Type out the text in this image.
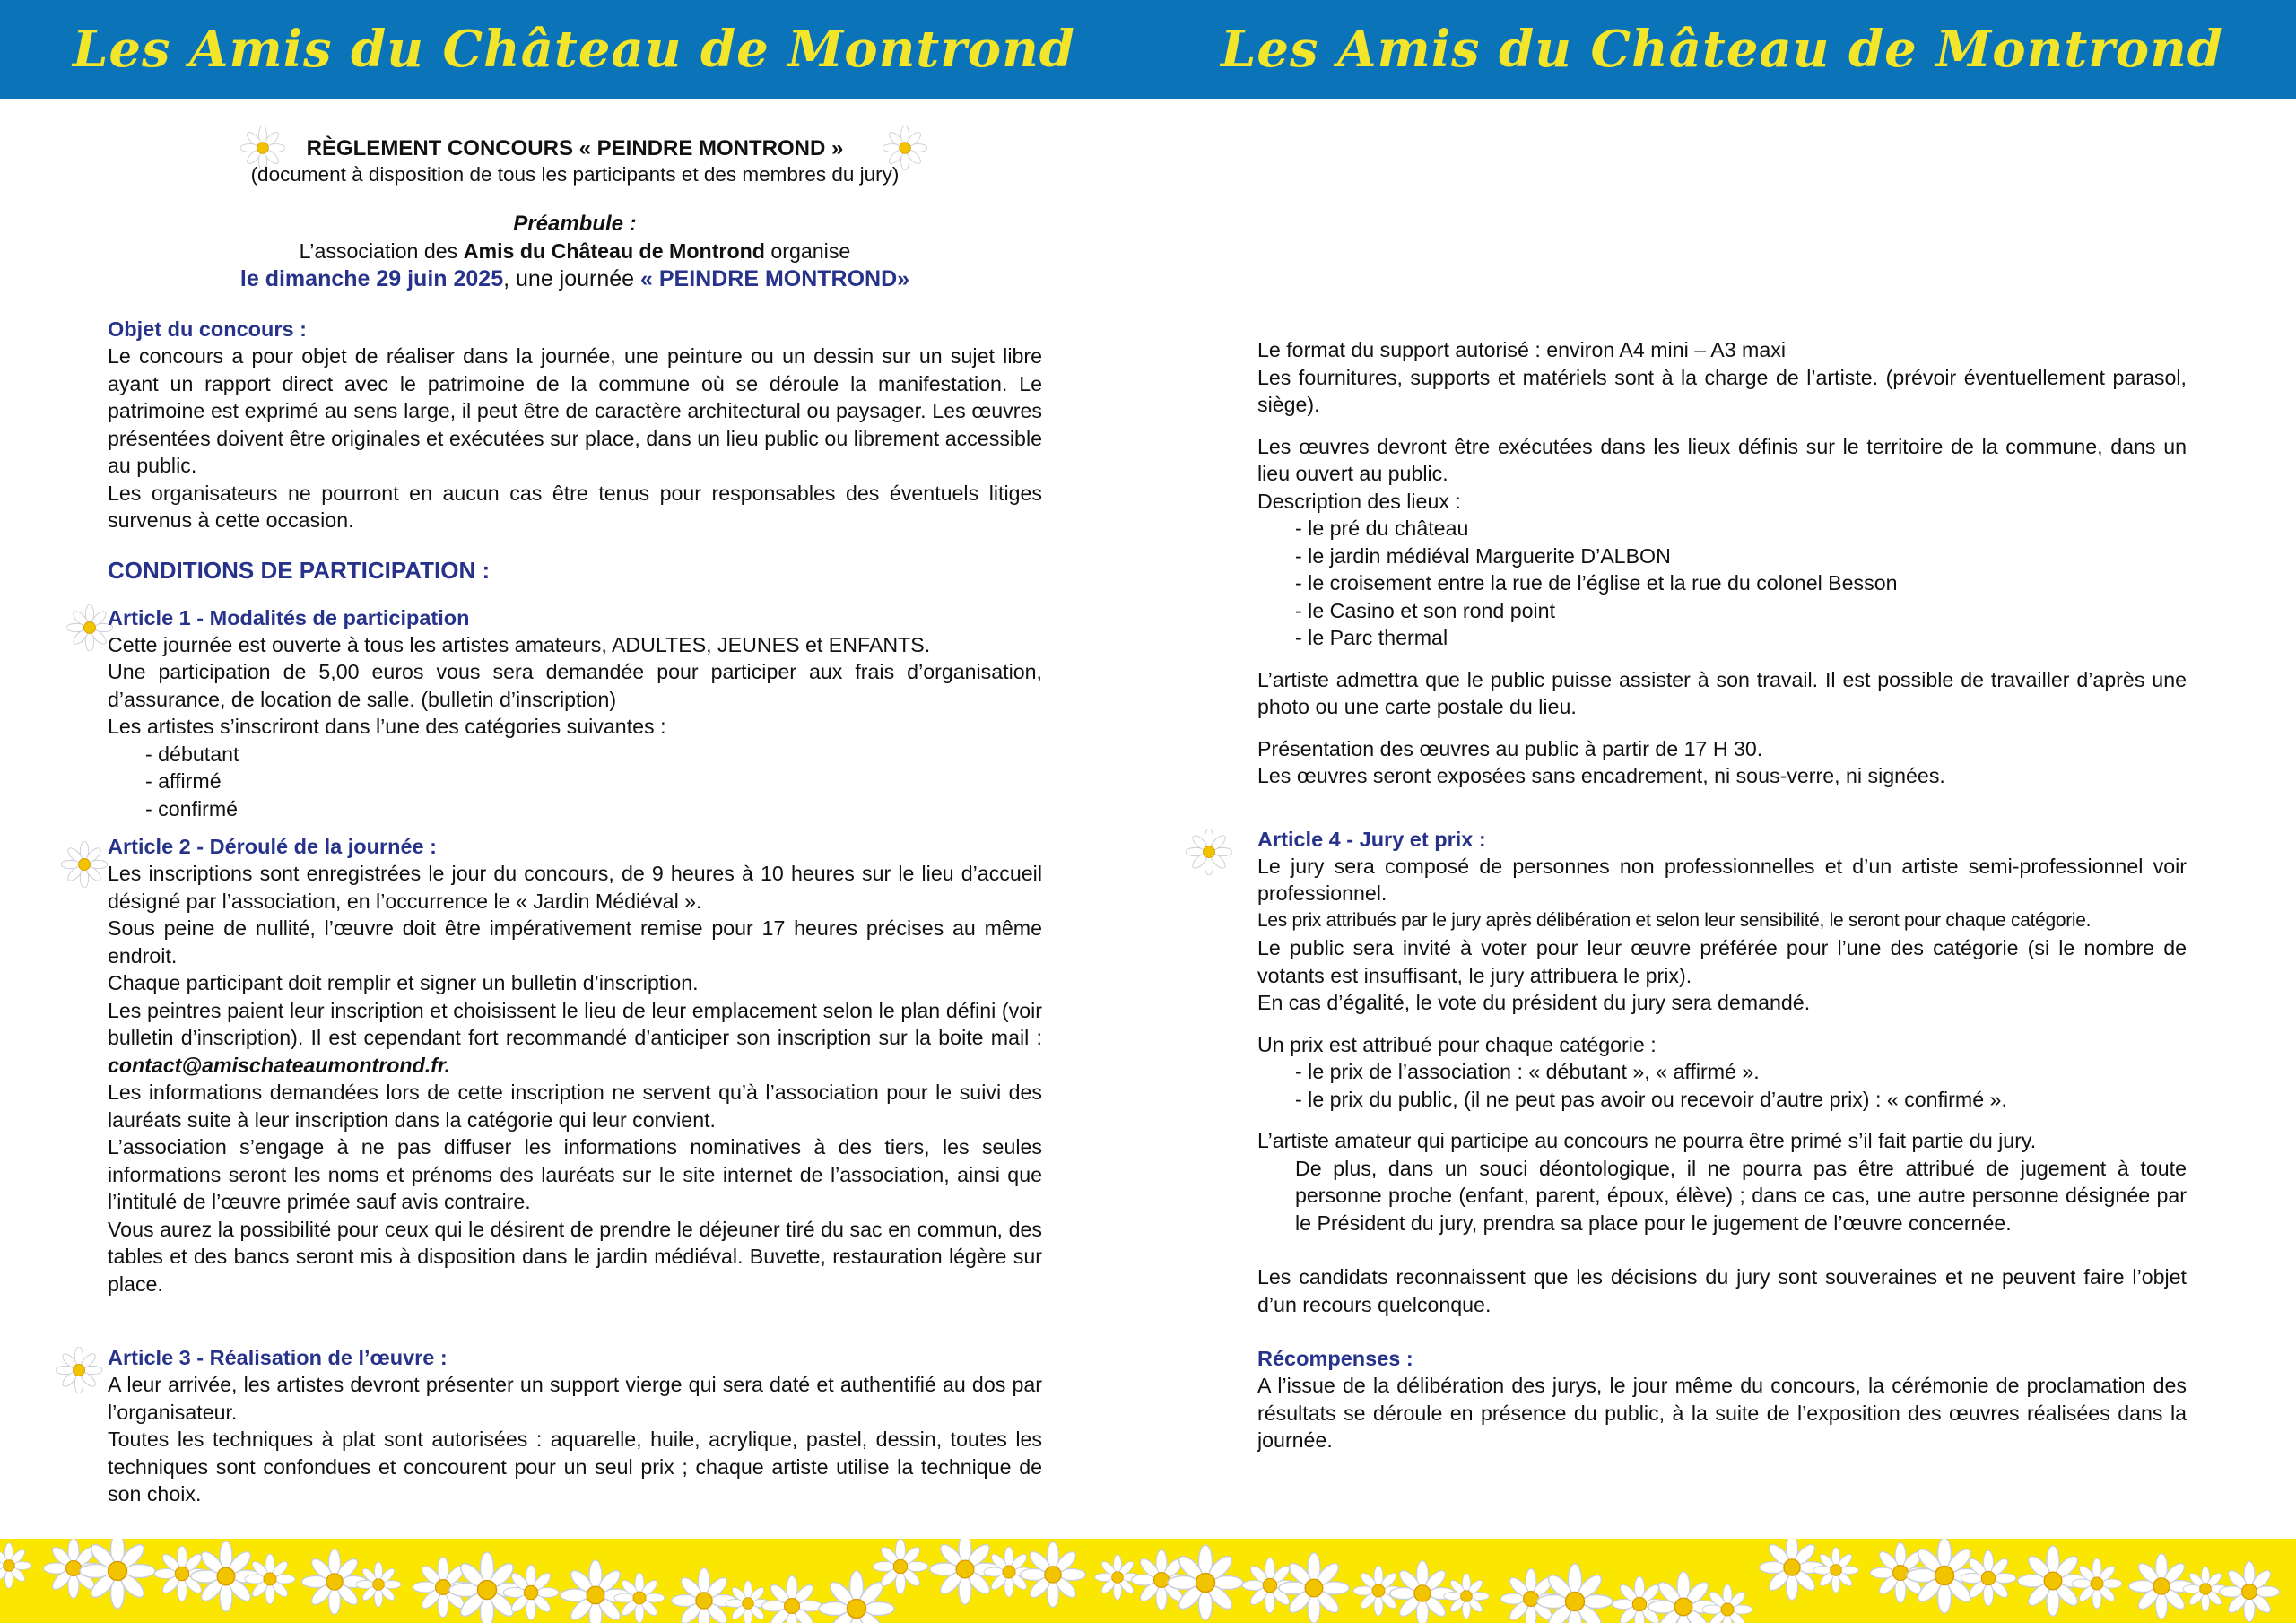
Les Amis du Château de Montrond	Les Amis du Château de Montrond
RÈGLEMENT CONCOURS « PEINDRE MONTROND »
(document à disposition de tous les participants et des membres du jury)
Préambule :
L’association des Amis du Château de Montrond organise
le dimanche 29 juin 2025, une journée « PEINDRE MONTROND»
Objet du concours :

Le concours a pour objet de réaliser dans la journée, une peinture ou un dessin sur un sujet libre ayant un rapport direct avec le patrimoine de la commune où se déroule la manifestation. Le patrimoine est exprimé au sens large, il peut être de caractère architectural ou paysager. Les œuvres présentées doivent être originales et exécutées sur place, dans un lieu public ou librement accessible au public.

Les organisateurs ne pourront en aucun cas être tenus pour responsables des éventuels litiges survenus à cette occasion.

CONDITIONS DE PARTICIPATION :
Article 1 - Modalités de participation

Cette journée est ouverte à tous les artistes amateurs, ADULTES, JEUNES et ENFANTS.

Une participation de 5,00 euros vous sera demandée pour participer aux frais d’organisation, d’assurance, de location de salle. (bulletin d’inscription)

Les artistes s’inscriront dans l’une des catégories suivantes :

- débutant

- affirmé

- confirmé

Article 2 - Déroulé de la journée :

Les inscriptions sont enregistrées le jour du concours, de 9 heures à 10 heures sur le lieu d’accueil désigné par l’association, en l’occurrence le « Jardin Médiéval ».

Sous peine de nullité, l’œuvre doit être impérativement remise pour 17 heures précises au même endroit.

Chaque participant doit remplir et signer un bulletin d’inscription.

Les peintres paient leur inscription et choisissent le lieu de leur emplacement selon le plan défini (voir bulletin d’inscription). Il est cependant fort recommandé d’anticiper son inscription sur la boite mail : contact@amischateaumontrond.fr.

Les informations demandées lors de cette inscription ne servent qu’à l’association pour le suivi des lauréats suite à leur inscription dans la catégorie qui leur convient.

L’association s’engage à ne pas diffuser les informations nominatives à des tiers, les seules informations seront les noms et prénoms des lauréats sur le site internet de l’association, ainsi que l’intitulé de l’œuvre primée sauf avis contraire.

Vous aurez la possibilité pour ceux qui le désirent de prendre le déjeuner tiré du sac en commun, des tables et des bancs seront mis à disposition dans le jardin médiéval. Buvette, restauration légère sur place.

Article 3 - Réalisation de l’œuvre :

A leur arrivée, les artistes devront présenter un support vierge qui sera daté et authentifié au dos par l’organisateur.

Toutes les techniques à plat sont autorisées : aquarelle, huile, acrylique, pastel, dessin, toutes les techniques sont confondues et concourent pour un seul prix ; chaque artiste utilise la technique de son choix.

Le format du support autorisé : environ A4 mini – A3 maxi

Les fournitures, supports et matériels sont à la charge de l’artiste. (prévoir éventuellement parasol, siège).

Les œuvres devront être exécutées dans les lieux définis sur le territoire de la commune, dans un lieu ouvert au public.

Description des lieux :

- le pré du château

- le jardin médiéval Marguerite D’ALBON

- le croisement entre la rue de l’église et la rue du colonel Besson

- le Casino et son rond point

- le Parc thermal

L’artiste admettra que le public puisse assister à son travail. Il est possible de travailler d’après une photo ou une carte postale du lieu.

Présentation des œuvres au public à partir de 17 H 30.

Les œuvres seront exposées sans encadrement, ni sous-verre, ni signées.

Article 4 - Jury et prix :

Le jury sera composé de personnes non professionnelles et d’un artiste semi-professionnel voir professionnel.

Les prix attribués par le jury après délibération et selon leur sensibilité, le seront pour chaque catégorie.

Le public sera invité à voter pour leur œuvre préférée pour l’une des catégorie (si le nombre de votants est insuffisant, le jury attribuera le prix).

En cas d’égalité, le vote du président du jury sera demandé.

Un prix est attribué pour chaque catégorie :

- le prix de l’association : « débutant », « affirmé ».

- le prix du public, (il ne peut pas avoir ou recevoir d’autre prix) : « confirmé ».

L’artiste amateur qui participe au concours ne pourra être primé s’il fait partie du jury.

De plus, dans un souci déontologique, il ne pourra pas être attribué de jugement à toute personne proche (enfant, parent, époux, élève) ; dans ce cas, une autre personne désignée par le Président du jury, prendra sa place pour le jugement de l’œuvre concernée.

Les candidats reconnaissent que les décisions du jury sont souveraines et ne peuvent faire l’objet d’un recours quelconque.

Récompenses :

A l’issue de la délibération des jurys, le jour même du concours, la cérémonie de proclamation des résultats se déroule en présence du public, à la suite de l’exposition des œuvres réalisées dans la journée.
